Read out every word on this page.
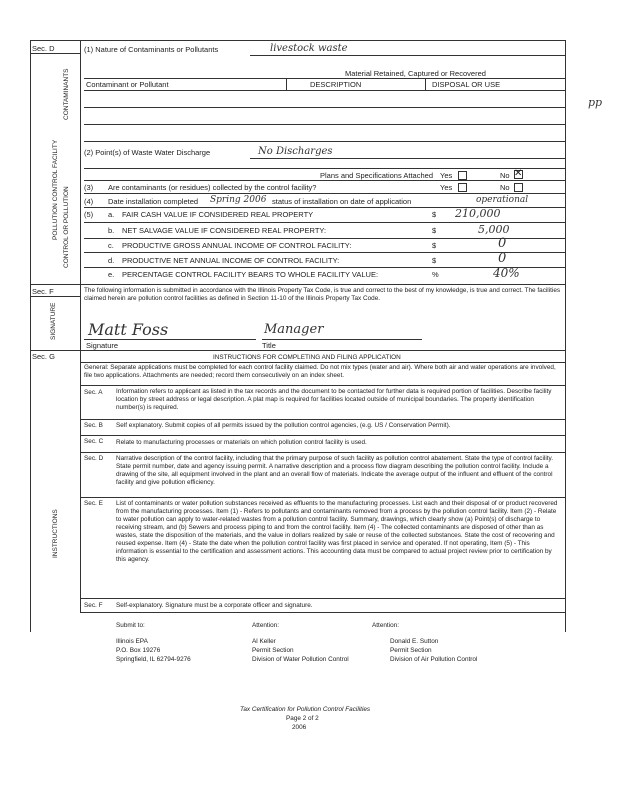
Sec. D
CONTAMINANTS
POLLUTION CONTROL FACILITY CONTROL OR POLLUTION
(1) Nature of Contaminants or Pollutants	livestock waste
Material Retained, Captured or Recovered
Contaminant or Pollutant	DESCRIPTION	DISPOSAL OR USE
pp
(2) Point(s) of Waste Water Discharge	No Discharges
Plans and Specifications Attached Yes	No ✕
(3) Are contaminants (or residues) collected by the control facility?	Yes	No
(4) Date installation completed Spring 2006 status of installation on date of application	operational
(5) a. FAIR CASH VALUE IF CONSIDERED REAL PROPERTY	$ 210,000
b. NET SALVAGE VALUE IF CONSIDERED REAL PROPERTY:	$	5,000
c. PRODUCTIVE GROSS ANNUAL INCOME OF CONTROL FACILITY:	$	0
d. PRODUCTIVE NET ANNUAL INCOME OF CONTROL FACILITY:	$	0
e. PERCENTAGE CONTROL FACILITY BEARS TO WHOLE FACILITY VALUE:	%	40%
Sec. F
SIGNATURE
The following information is submitted in accordance with the Illinois Property Tax Code, is true and correct to the best of my knowledge, is true and correct. The facilities claimed herein are pollution control facilities as defined in Section 11-10 of the Illinois Property Tax Code.
Matt Foss	Manager
Signature	Title
Sec. G	INSTRUCTIONS FOR COMPLETING AND FILING APPLICATION
INSTRUCTIONS
General: Separate applications must be completed for each control facility claimed. Do not mix types (water and air). Where both air and water operations are involved, file two applications. Attachments are needed; record them consecutively on an index sheet.
Sec. A Information refers to applicant as listed in the tax records and the document to be contacted for further data is required portion of facilities. Describe facility location by street address or legal description. A plat map is required for facilities located outside of municipal boundaries. The property identification number(s) is required.
Sec. B Self explanatory. Submit copies of all permits issued by the pollution control agencies, (e.g. US / Conservation Permit).
Sec. C Relate to manufacturing processes or materials on which pollution control facility is used.
Sec. D Narrative description of the control facility, including that the primary purpose of such facility as pollution control abatement. State the type of control facility. State permit number, date and agency issuing permit. A narrative description and a process flow diagram describing the pollution control facility. Include a drawing of the site, all equipment involved in the plant and an overall flow of materials. Indicate the average output of the influent and effluent of the control facility and give pollution efficiency.
Sec. E List of contaminants or water pollution substances received as effluents to the manufacturing processes. List each and their disposal of or product recovered from the manufacturing processes. Item (1) - Refers to pollutants and contaminants removed from a process by the pollution control facility. Item (2) - Relate to water pollution can apply to water-related wastes from a pollution control facility. Summary, drawings, which clearly show (a) Point(s) of discharge to receiving stream, and (b) Sewers and process piping to and from the control facility. Item (4) - The collected contaminants are disposed of other than as wastes, state the disposition of the materials, and the value in dollars realized by sale or reuse of the collected substances. State the cost of recovering and reused expense. Item (4) - State the date when the pollution control facility was first placed in service and operated. If not operating, Item (5) - This information is essential to the certification and assessment actions. This accounting data must be compared to actual project review prior to certification by this agency.
Sec. F Self-explanatory. Signature must be a corporate officer and signature.
Submit to:	Attention:	Attention:
Illinois EPA
P.O. Box 19276
Springfield, IL 62794-9276
Al Keller
Permit Section
Division of Water Pollution Control
Donald E. Sutton
Permit Section
Division of Air Pollution Control
Tax Certification for Pollution Control Facilities
Page 2 of 2
2006
